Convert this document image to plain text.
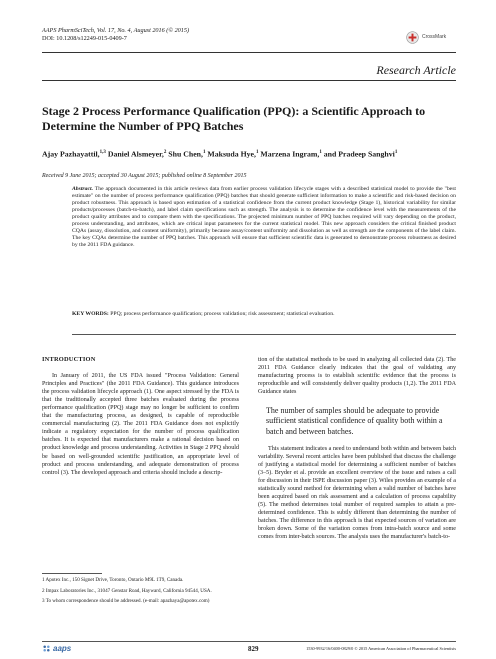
AAPS PharmSciTech, Vol. 17, No. 4, August 2016 (© 2015)
DOI: 10.1208/s12249-015-0409-7	CrossMark
Research Article
Stage 2 Process Performance Qualification (PPQ): a Scientific Approach to Determine the Number of PPQ Batches
Ajay Pazhayattil,$^{1,3}$ Daniel Alsmeyer,$^2$ Shu Chen,$^1$ Maksuda Hye,$^1$ Marzena Ingram,$^1$ and Pradeep Sanghvi$^1$
Received 9 June 2015; accepted 30 August 2015; published online 8 September 2015
Abstract. The approach documented in this article reviews data from earlier process validation lifecycle stages with a described statistical model to provide the "best estimate" on the number of process performance qualification (PPQ) batches that should generate sufficient information to make a scientific and risk-based decision on product robustness. This approach is based upon estimation of a statistical confidence from the current product knowledge (Stage 1), historical variability for similar products/processes (batch-to-batch), and label claim specifications such as strength. The analysis is to determine the confidence level with the measurements of the product quality attributes and to compare them with the specifications. The projected minimum number of PPQ batches required will vary depending on the product, process understanding, and attributes, which are critical input parameters for the current statistical model. This new approach considers the critical finished product CQAs (assay, dissolution, and content uniformity), primarily because assay/content uniformity and dissolution as well as strength are the components of the label claim. The key CQAs determine the number of PPQ batches. This approach will ensure that sufficient scientific data is generated to demonstrate process robustness as desired by the 2011 FDA guidance.
KEY WORDS: PPQ; process performance qualification; process validation; risk assessment; statistical evaluation.
INTRODUCTION

In January of 2011, the US FDA issued "Process Validation: General Principles and Practices" (the 2011 FDA Guidance). This guidance introduces the process validation lifecycle approach (1). One aspect stressed by the FDA is that the traditionally accepted three batches evaluated during the process performance qualification (PPQ) stage may no longer be sufficient to confirm that the manufacturing process, as designed, is capable of reproducible commercial manufacturing (2). The 2011 FDA Guidance does not explicitly indicate a regulatory expectation for the number of process qualification batches. It is expected that manufacturers make a rational decision based on product knowledge and process understanding. Activities in Stage 2 PPQ should be based on well-grounded scientific justification, an appropriate level of product and process understanding, and adequate demonstration of process control (3). The developed approach and criteria should include a descrip-

tion of the statistical methods to be used in analyzing all collected data (2). The 2011 FDA Guidance clearly indicates that the goal of validating any manufacturing process is to establish scientific evidence that the process is reproducible and will consistently deliver quality products (1,2). The 2011 FDA Guidance states

The number of samples should be adequate to provide sufficient statistical confidence of quality both within a batch and between batches.

This statement indicates a need to understand both within and between batch variability. Several recent articles have been published that discuss the challenge of justifying a statistical model for determining a sufficient number of batches (3–5). Bryder et al. provide an excellent overview of the issue and raises a call for discussion in their ISPE discussion paper (3). Wiles provides an example of a statistically sound method for determining when a valid number of batches have been acquired based on risk assessment and a calculation of process capability (5). The method determines total number of required samples to attain a pre-determined confidence. This is subtly different than determining the number of batches. The difference in this approach is that expected sources of variation are broken down. Some of the variation comes from intra-batch source and some comes from inter-batch sources. The analysis uses the manufacturer's batch-to-

1 Apotex Inc., 150 Signet Drive, Toronto, Ontario M9L 1T9, Canada.

2 Impax Laboratories Inc., 31047 Genstar Road, Hayward, California 94544, USA.

3 To whom correspondence should be addressed. (e-mail: apazhaya@apotex.com)

aaps	829	1530-9932/16/0400-0829/0 © 2015 American Association of Pharmaceutical Scientists
